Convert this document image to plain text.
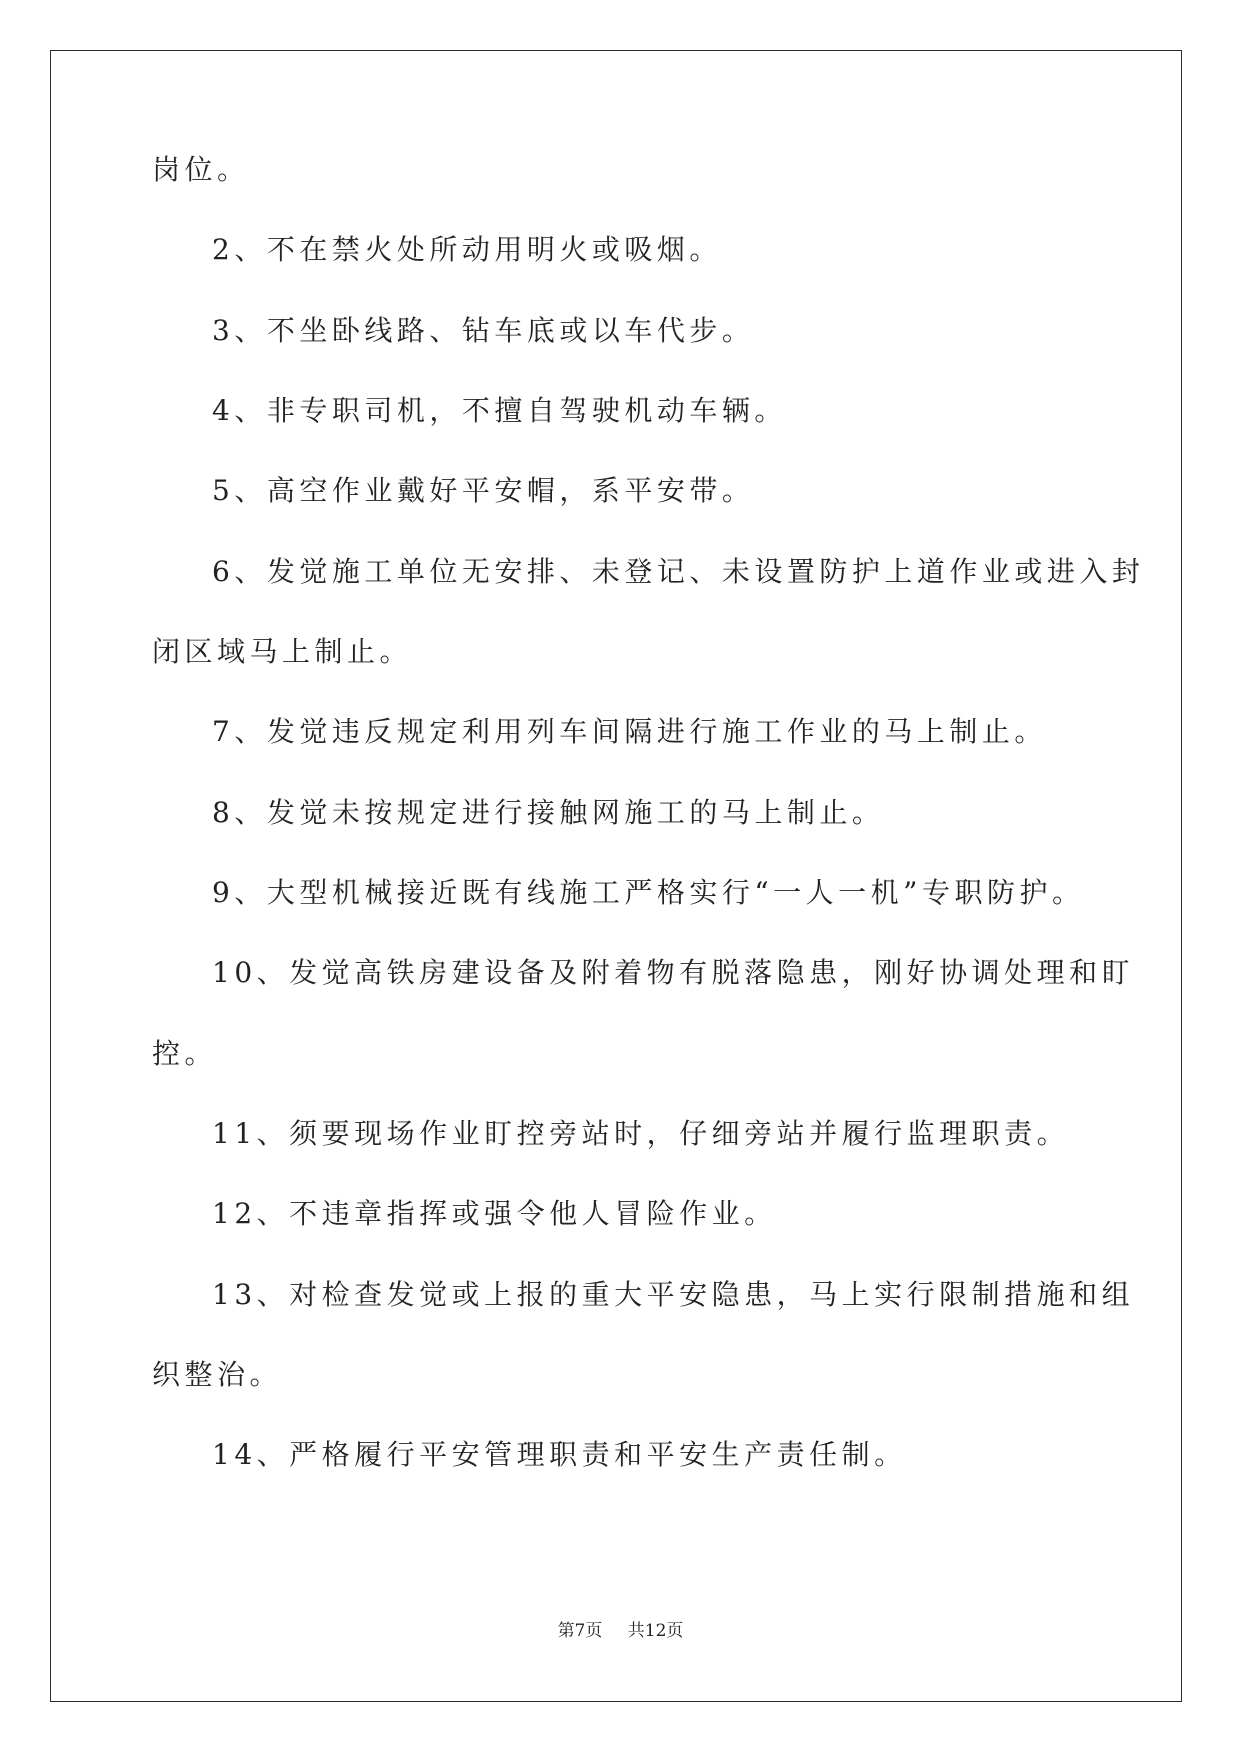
岗位。
2、不在禁火处所动用明火或吸烟。
3、不坐卧线路、钻车底或以车代步。
4、非专职司机，不擅自驾驶机动车辆。
5、高空作业戴好平安帽，系平安带。
6、发觉施工单位无安排、未登记、未设置防护上道作业或进入封
闭区域马上制止。
7、发觉违反规定利用列车间隔进行施工作业的马上制止。
8、发觉未按规定进行接触网施工的马上制止。
9、大型机械接近既有线施工严格实行“一人一机”专职防护。
10、发觉高铁房建设备及附着物有脱落隐患，刚好协调处理和盯
控。
11、须要现场作业盯控旁站时，仔细旁站并履行监理职责。
12、不违章指挥或强令他人冒险作业。
13、对检查发觉或上报的重大平安隐患，马上实行限制措施和组
织整治。
14、严格履行平安管理职责和平安生产责任制。
第7页 共12页
